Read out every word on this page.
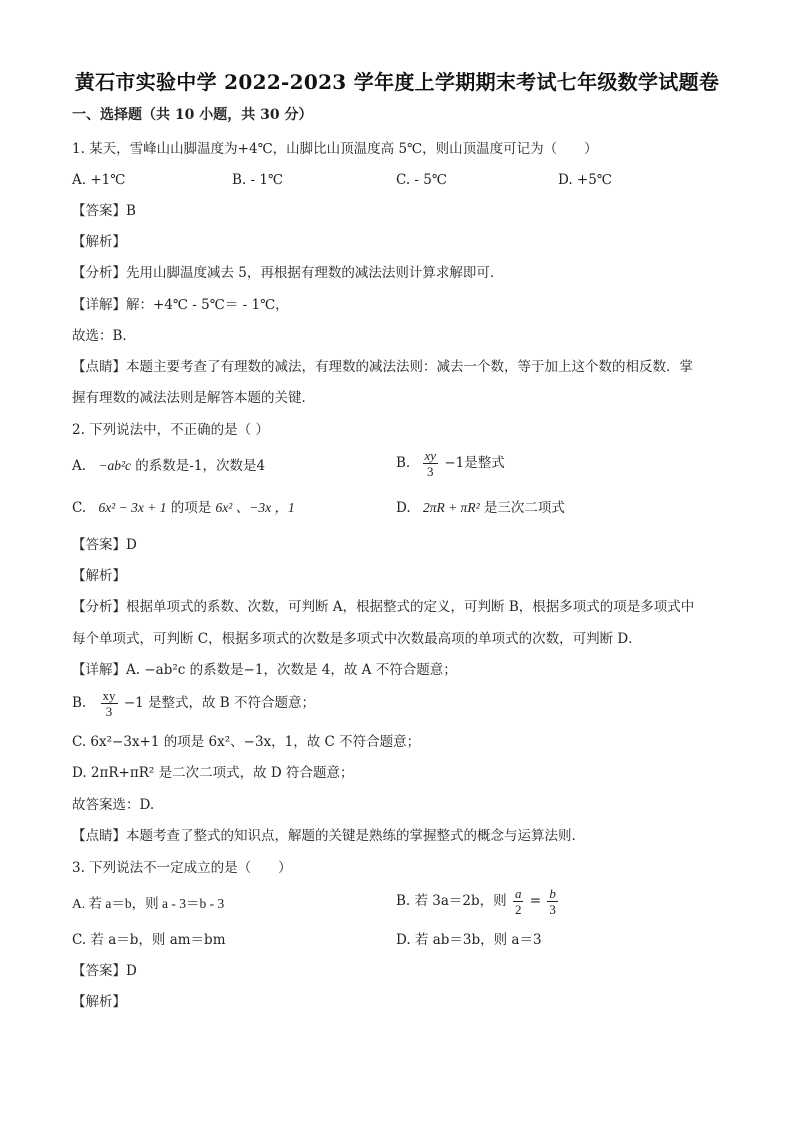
黄石市实验中学 2022-2023 学年度上学期期末考试七年级数学试题卷
一、选择题（共 10 小题，共 30 分）
1. 某天，雪峰山山脚温度为+4℃，山脚比山顶温度高 5℃，则山顶温度可记为（　　）
A. +1℃	B. - 1℃	C. - 5℃	D. +5℃
【答案】B
【解析】
【分析】先用山脚温度减去 5，再根据有理数的减法法则计算求解即可．
【详解】解：+4℃ - 5℃＝ - 1℃，
故选：B．
【点睛】本题主要考查了有理数的减法，有理数的减法法则：减去一个数，等于加上这个数的相反数．掌
握有理数的减法法则是解答本题的关键．
2. 下列说法中，不正确的是（ ）
A. −ab²c 的系数是-1，次数是4	B. $\frac{xy}{3} -1$是整式
C. 6x² − 3x + 1 的项是 6x² 、−3x ，1	D. 2πR + πR² 是三次二项式
【答案】D
【解析】
【分析】根据单项式的系数、次数，可判断 A，根据整式的定义，可判断 B，根据多项式的项是多项式中
每个单项式，可判断 C，根据多项式的次数是多项式中次数最高项的单项式的次数，可判断 D．
【详解】A. −ab²c 的系数是−1，次数是 4，故 A 不符合题意；
B. $\frac{xy}{3} -1$ 是整式，故 B 不符合题意；
C. 6x²−3x+1 的项是 6x²、−3x，1，故 C 不符合题意；
D. 2πR+πR² 是二次二项式，故 D 符合题意；
故答案选：D.
【点睛】本题考查了整式的知识点，解题的关键是熟练的掌握整式的概念与运算法则.
3. 下列说法不一定成立的是（　　）
A. 若 a＝b，则 a - 3＝b - 3	B. 若 3a＝2b，则 $\frac{a}{2} = \frac{b}{3}$
C. 若 a＝b，则 am＝bm	D. 若 ab＝3b，则 a＝3
【答案】D
【解析】
